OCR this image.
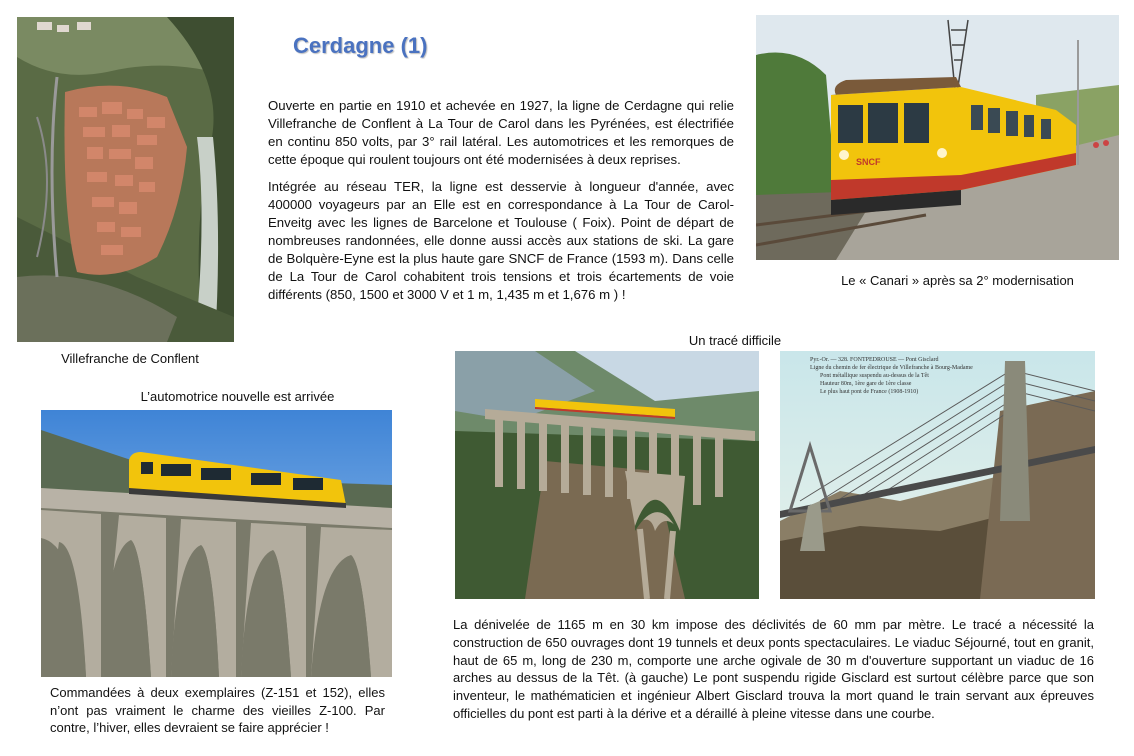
Cerdagne (1)
Villefranche de Conflent

Ouverte en partie en 1910 et achevée en 1927, la ligne de Cerdagne qui relie Villefranche de Conflent à La Tour de Carol dans les Pyrénées, est électrifiée en continu 850 volts, par 3° rail latéral. Les automotrices et les remorques de cette époque qui roulent toujours ont été modernisées à deux reprises.

Intégrée au réseau TER, la ligne est desservie à longueur d'année, avec 400000 voyageurs par an Elle est en correspondance à La Tour de Carol-Enveitg avec les lignes de Barcelone et Toulouse ( Foix). Point de départ de nombreuses randonnées, elle donne aussi accès aux stations de ski. La gare de Bolquère-Eyne est la plus haute gare SNCF de France (1593 m). Dans celle de La Tour de Carol cohabitent trois tensions et trois écartements de voie différents (850, 1500 et 3000 V et 1 m, 1,435 m et 1,676 m ) !

SNCF
Le « Canari » après sa 2° modernisation
Un tracé difficile
L’automotrice nouvelle est arrivée
Commandées à deux exemplaires (Z-151 et 152), elles n’ont pas vraiment le charme des vieilles Z-100. Par contre, l’hiver, elles devraient se faire apprécier !
Pyr.-Or. — 328. FONTPEDROUSE — Pont Gisclard
Ligne du chemin de fer électrique de Villefranche à Bourg-Madame
Pont métallique suspendu au-dessus de la Têt
Hauteur 80m, 1ère gare de 1ère classe
Le plus haut pont de France (1908-1910)
La dénivelée de 1165 m en 30 km impose des déclivités de 60 mm par mètre. Le tracé a nécessité la construction de 650 ouvrages dont 19 tunnels et deux ponts spectaculaires. Le viaduc Séjourné, tout en granit, haut de 65 m, long de 230 m, comporte une arche ogivale de 30 m d'ouverture supportant un viaduc de 16 arches au dessus de la Têt. (à gauche) Le pont suspendu rigide Gisclard est surtout célèbre parce que son inventeur, le mathématicien et ingénieur Albert Gisclard trouva la mort quand le train servant aux épreuves officielles du pont est parti à la dérive et a déraillé à pleine vitesse dans une courbe.
